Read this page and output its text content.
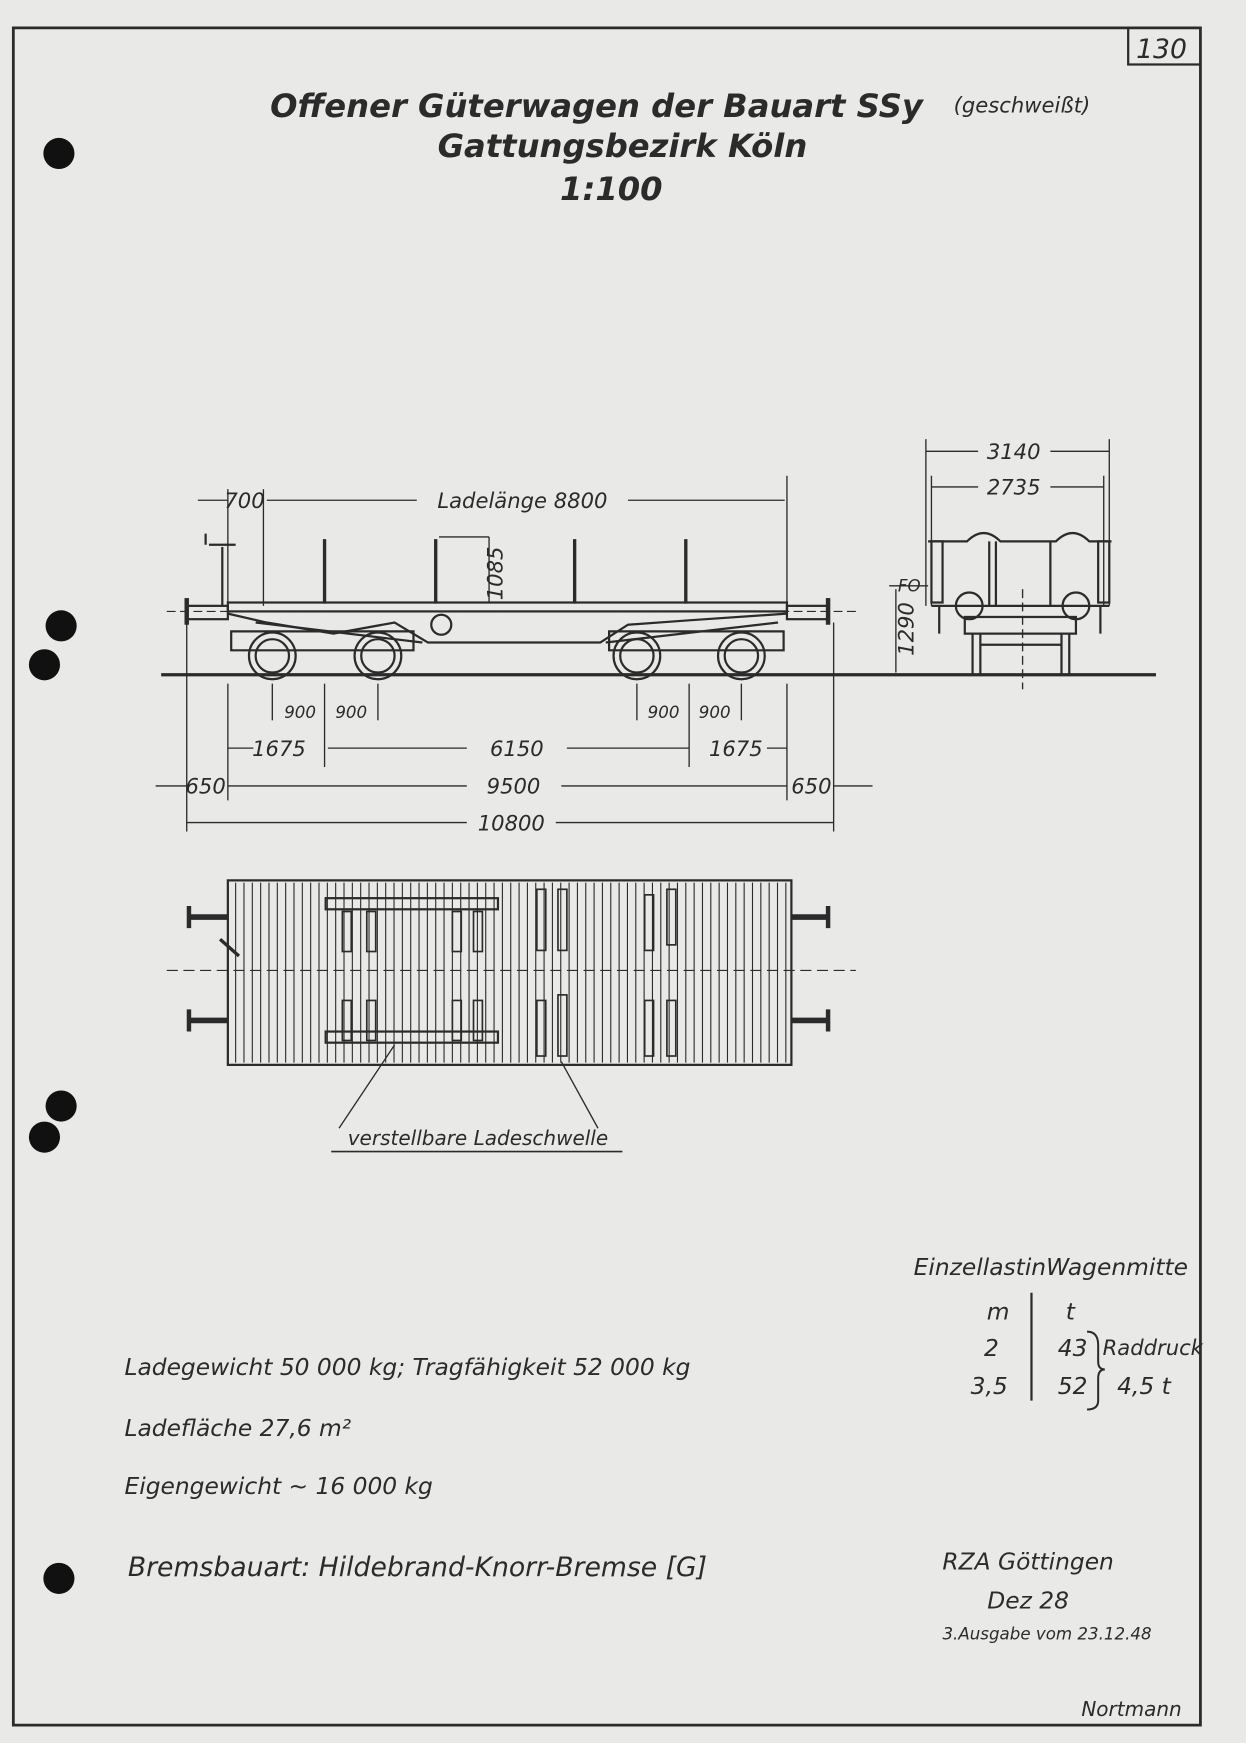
130
Offener Güterwagen der Bauart SSy (geschweißt)
Gattungsbezirk Köln
1:100
700	Ladelänge 8800
1085
900 900	900 900
1675	6150	1675
650	9500	650
10800
3140
2735
FO
1290
verstellbare Ladeschwelle
Ladegewicht 50 000 kg; Tragfähigkeit 52 000 kg
Ladefläche 27,6 m²
Eigengewicht ~ 16 000 kg
Bremsbauart: Hildebrand-Knorr-Bremse [G]
EinzellastinWagenmitte
m	t
2	43
3,5 52
Raddruck
4,5 t
RZA Göttingen
Dez 28
3.Ausgabe vom 23.12.48
Nortmann
